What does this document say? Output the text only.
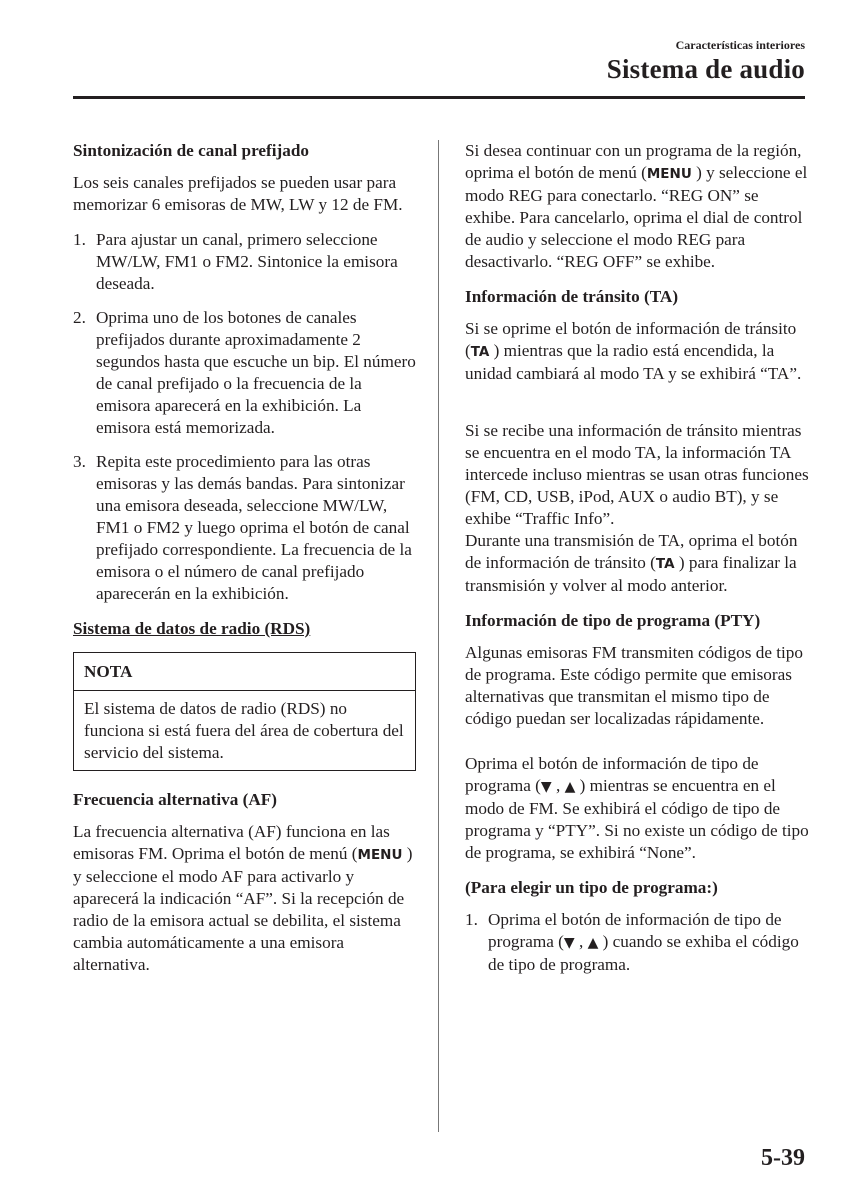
Características interiores
Sistema de audio

Sintonización de canal prefijado

Los seis canales prefijados se pueden usar para memorizar 6 emisoras de MW, LW y 12 de FM.

1. Para ajustar un canal, primero seleccione MW/LW, FM1 o FM2. Sintonice la emisora deseada.
2. Oprima uno de los botones de canales prefijados durante aproximadamente 2 segundos hasta que escuche un bip. El número de canal prefijado o la frecuencia de la emisora aparecerá en la exhibición. La emisora está memorizada.
3. Repita este procedimiento para las otras emisoras y las demás bandas. Para sintonizar una emisora deseada, seleccione MW/LW, FM1 o FM2 y luego oprima el botón de canal prefijado correspondiente. La frecuencia de la emisora o el número de canal prefijado aparecerán en la exhibición.

Sistema de datos de radio (RDS)

NOTA
El sistema de datos de radio (RDS) no funciona si está fuera del área de cobertura del servicio del sistema.

Frecuencia alternativa (AF)

La frecuencia alternativa (AF) funciona en las emisoras FM. Oprima el botón de menú (MENU ) y seleccione el modo AF para activarlo y aparecerá la indicación “AF”. Si la recepción de radio de la emisora actual se debilita, el sistema cambia automáticamente a una emisora alternativa.

Si desea continuar con un programa de la región, oprima el botón de menú (MENU ) y seleccione el modo REG para conectarlo. “REG ON” se exhibe. Para cancelarlo, oprima el dial de control de audio y seleccione el modo REG para desactivarlo. “REG OFF” se exhibe.

Información de tránsito (TA)

Si se oprime el botón de información de tránsito (TA ) mientras que la radio está encendida, la unidad cambiará al modo TA y se exhibirá “TA”.

Si se recibe una información de tránsito mientras se encuentra en el modo TA, la información TA intercede incluso mientras se usan otras funciones (FM, CD, USB, iPod, AUX o audio BT), y se exhibe “Traffic Info”.

Durante una transmisión de TA, oprima el botón de información de tránsito (TA ) para finalizar la transmisión y volver al modo anterior.

Información de tipo de programa (PTY)

Algunas emisoras FM transmiten códigos de tipo de programa. Este código permite que emisoras alternativas que transmitan el mismo tipo de código puedan ser localizadas rápidamente.

Oprima el botón de información de tipo de programa (▼ , ▲ ) mientras se encuentra en el modo de FM. Se exhibirá el código de tipo de programa y “PTY”. Si no existe un código de tipo de programa, se exhibirá “None”.

(Para elegir un tipo de programa:)

1. Oprima el botón de información de tipo de programa (▼ , ▲ ) cuando se exhiba el código de tipo de programa.
5-39
